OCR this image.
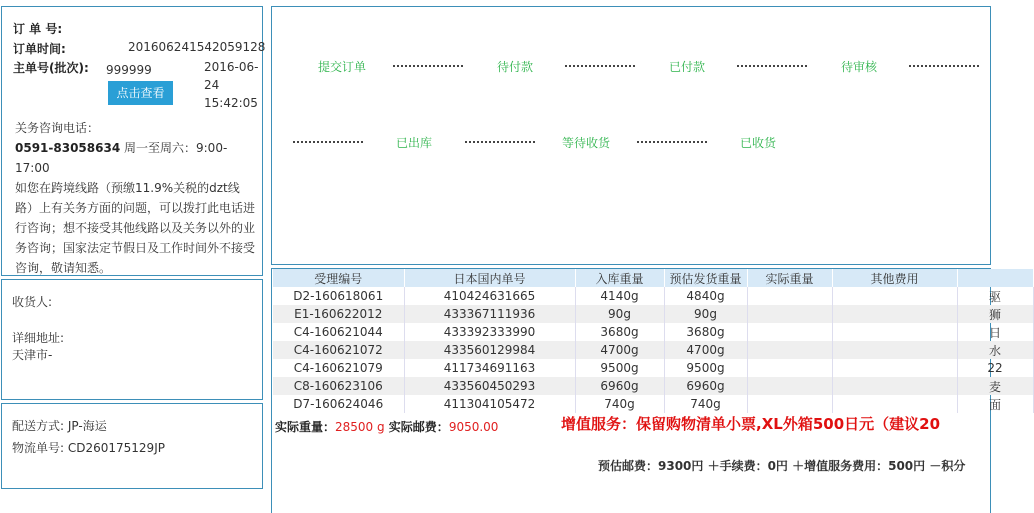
订 单 号:
订单时间:	201606241542059128
主单号(批次): 999999	2016-06-
24
15:42:05
点击查看
关务咨询电话：
0591-83058634 周一至周六：9:00-17:00
如您在跨境线路（预缴11.9%关税的dzt线路）上有关务方面的问题，可以拨打此电话进行咨询；想不接受其他线路以及关务以外的业务咨询；国家法定节假日及工作时间外不接受咨询，敬请知悉。
收货人:
详细地址:
天津市-
配送方式: JP-海运
物流单号: CD260175129JP
提交订单	待付款	已付款	待审核
已出库	等待收货	已收货
受理编号	日本国内单号	入库重量	预估发货重量	实际重量	其他费用	
D2-160618061	410424631665	4140g	4840g			驱
E1-160622012	433367111936	90g	90g			狮
C4-160621044	433392333990	3680g	3680g			日
C4-160621072	433560129984	4700g	4700g			水
C4-160621079	411734691163	9500g	9500g			22
C8-160623106	433560450293	6960g	6960g			麦
D7-160624046	411304105472	740g	740g			面
实际重量：28500 g 实际邮费：9050.00	增值服务：保留购物清单小票,XL外箱500日元（建议20
预估邮费：9300円 ＋手续费：0円 ＋增值服务费用：500円 －积分
